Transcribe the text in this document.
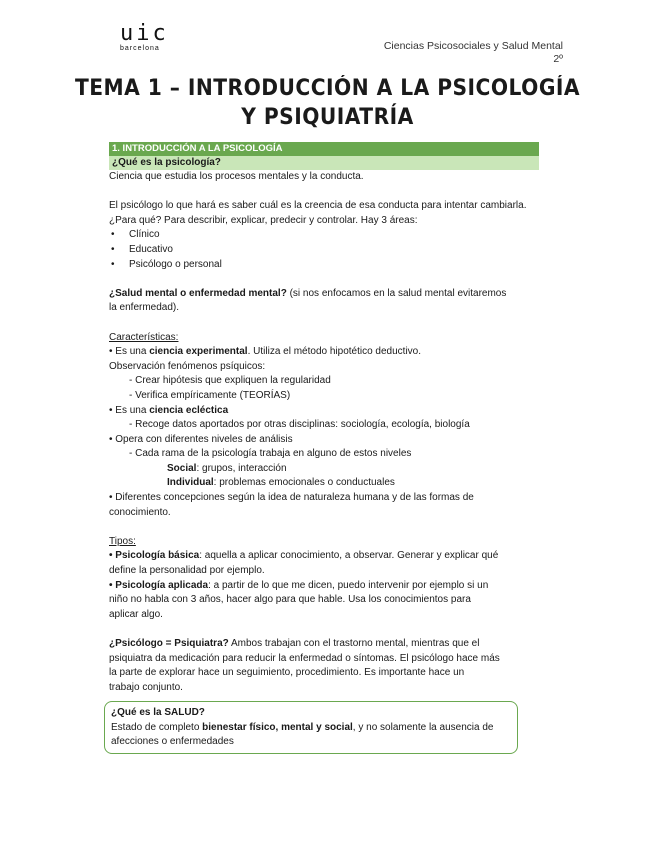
uic
barcelona	Ciencias Psicosociales y Salud Mental
2º
TEMA 1 – INTRODUCCIÓN A LA PSICOLOGÍA
Y PSIQUIATRÍA
1. INTRODUCCIÓN A LA PSICOLOGÍA
¿Qué es la psicología?

Ciencia que estudia los procesos mentales y la conducta.

El psicólogo lo que hará es saber cuál es la creencia de esa conducta para intentar cambiarla.

¿Para qué? Para describir, explicar, predecir y controlar. Hay 3 áreas:

• Clínico
• Educativo
• Psicólogo o personal

¿Salud mental o enfermedad mental? (si nos enfocamos en la salud mental evitaremos

la enfermedad).

Características:

• Es una ciencia experimental. Utiliza el método hipotético deductivo.

Observación fenómenos psíquicos:

- Crear hipótesis que expliquen la regularidad

- Verifica empíricamente (TEORÍAS)

• Es una ciencia ecléctica

- Recoge datos aportados por otras disciplinas: sociología, ecología, biología

• Opera con diferentes niveles de análisis

- Cada rama de la psicología trabaja en alguno de estos niveles

Social: grupos, interacción

Individual: problemas emocionales o conductuales

• Diferentes concepciones según la idea de naturaleza humana y de las formas de

conocimiento.

Tipos:

• Psicología básica: aquella a aplicar conocimiento, a observar. Generar y explicar qué

define la personalidad por ejemplo.

• Psicología aplicada: a partir de lo que me dicen, puedo intervenir por ejemplo si un

niño no habla con 3 años, hacer algo para que hable. Usa los conocimientos para

aplicar algo.

¿Psicólogo = Psiquiatra? Ambos trabajan con el trastorno mental, mientras que el

psiquiatra da medicación para reducir la enfermedad o síntomas. El psicólogo hace más

la parte de explorar hace un seguimiento, procedimiento. Es importante hace un

trabajo conjunto.

¿Qué es la SALUD?

Estado de completo bienestar físico, mental y social, y no solamente la ausencia de

afecciones o enfermedades
